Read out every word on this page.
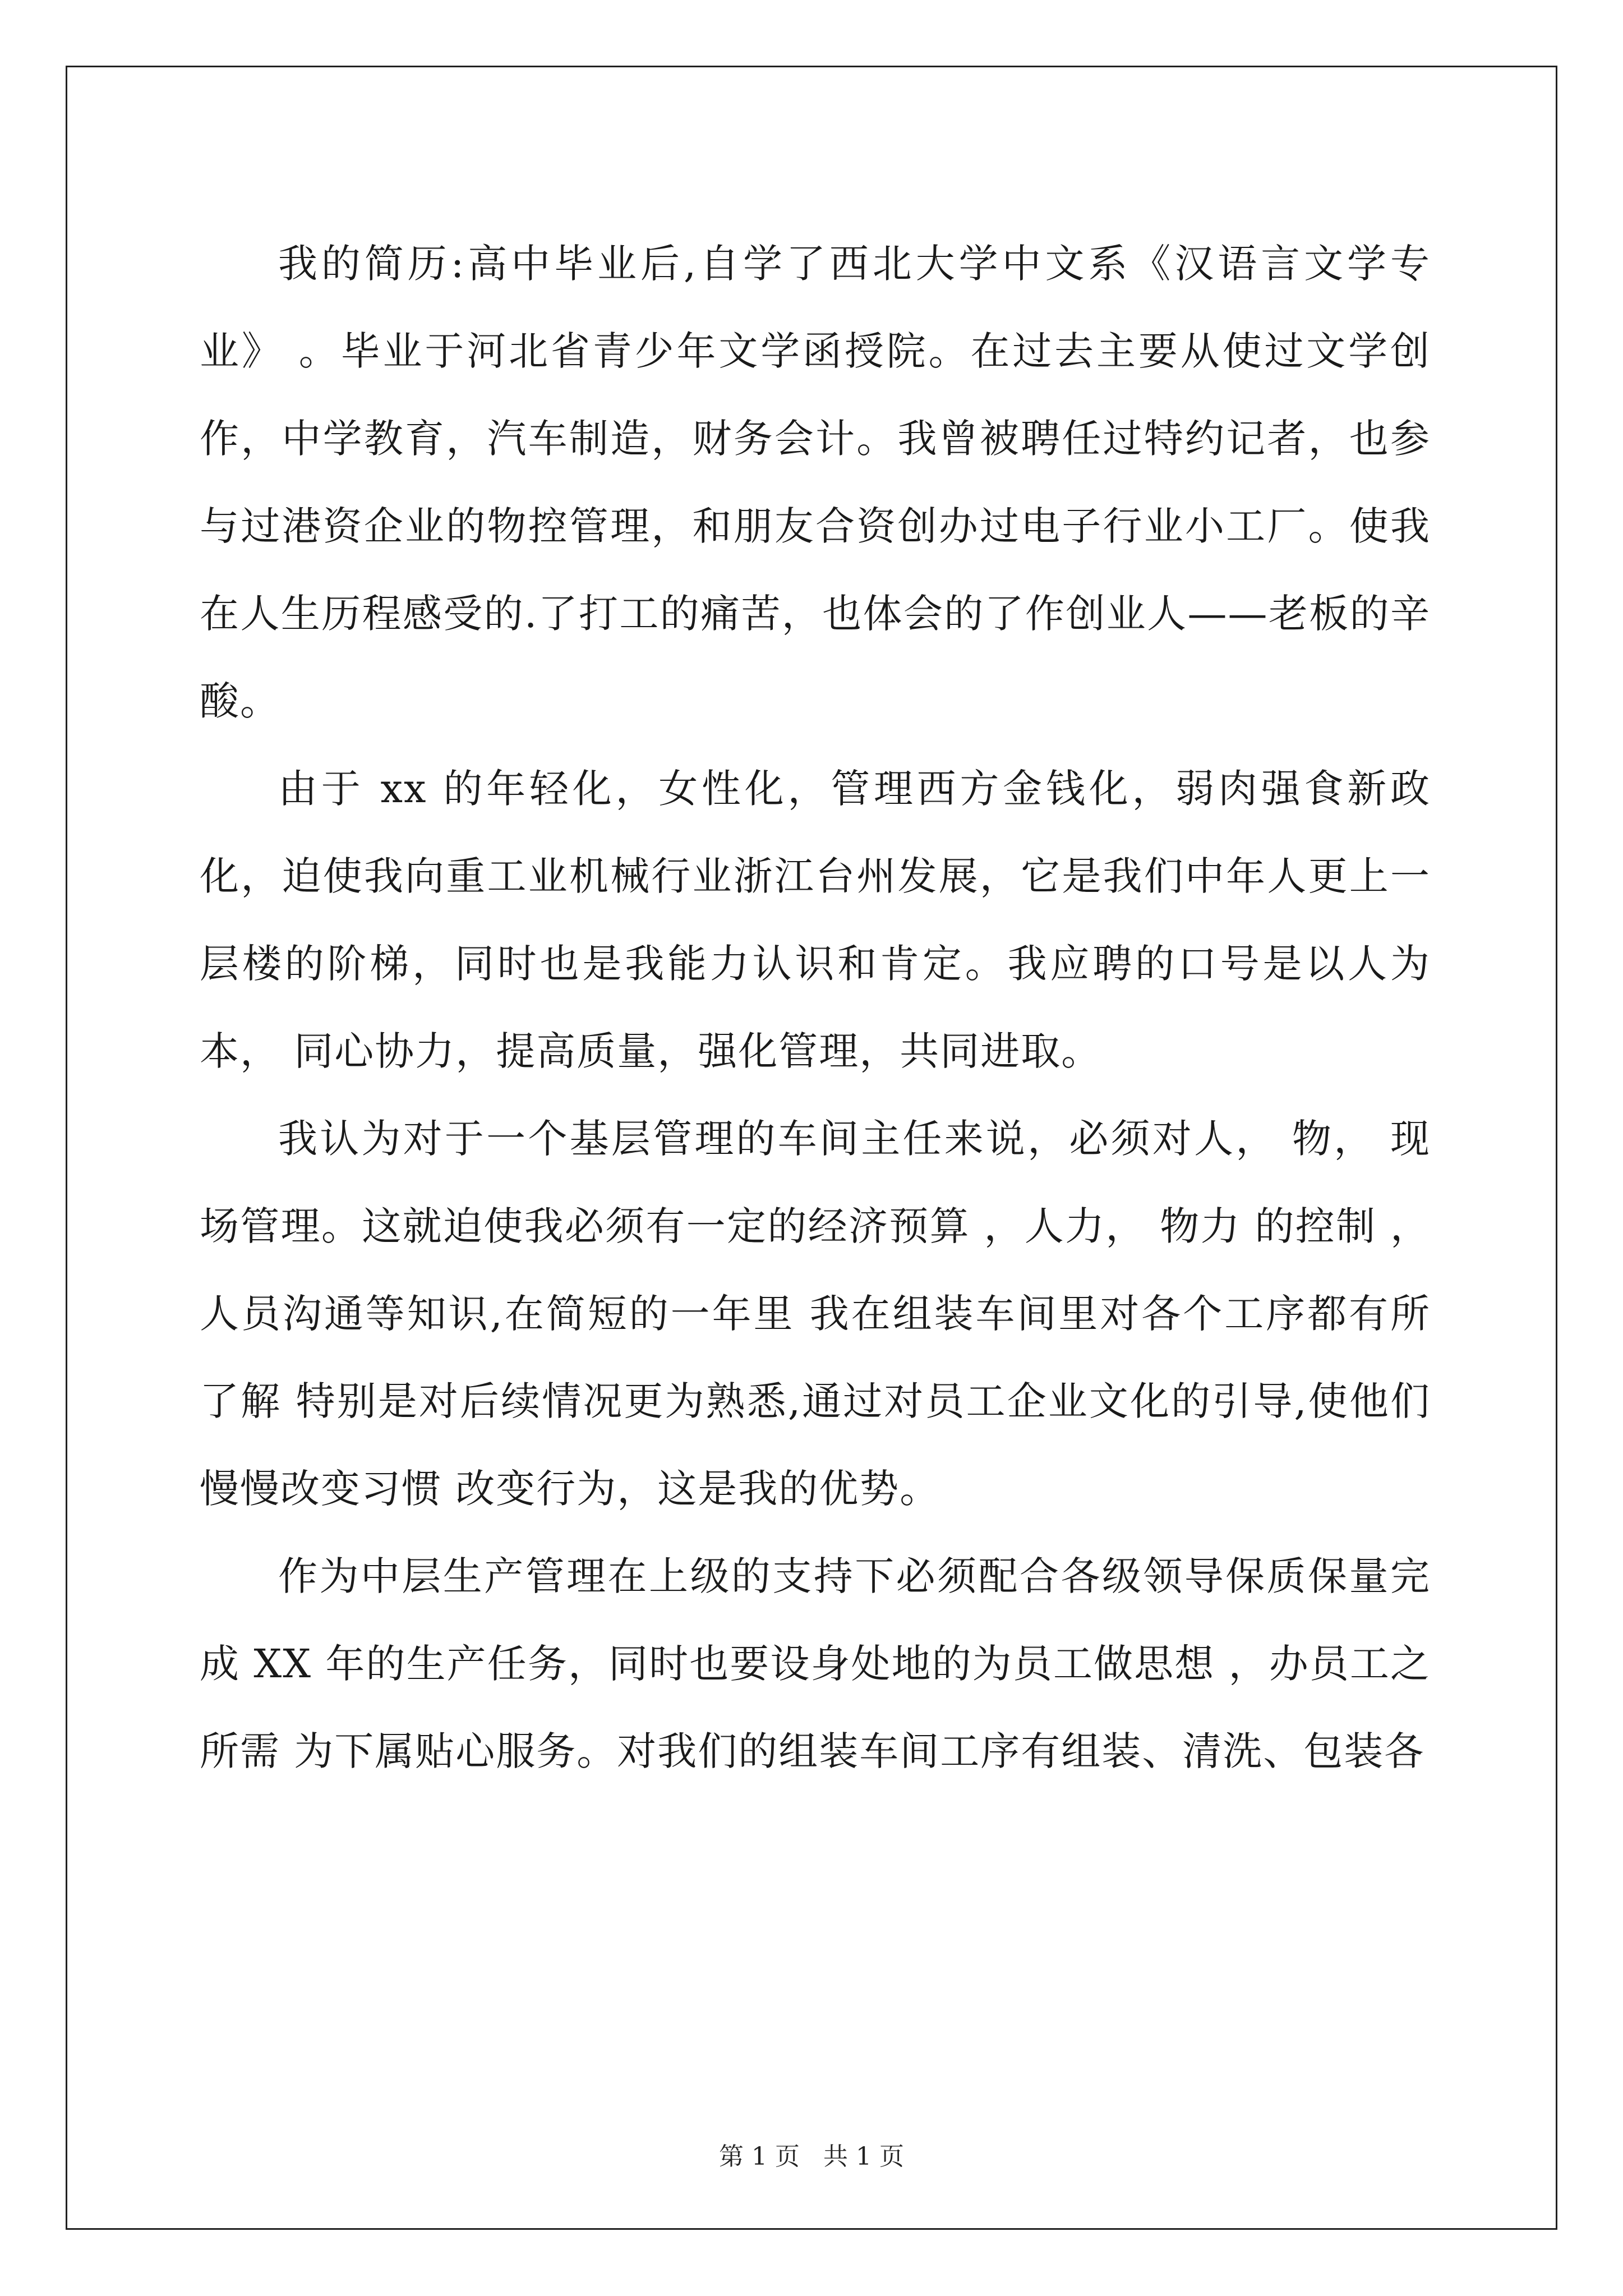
我的简历:高中毕业后,自学了西北大学中文系《汉语言文学专业》 。毕业于河北省青少年文学函授院。在过去主要从使过文学创作，中学教育，汽车制造，财务会计。我曾被聘任过特约记者，也参与过港资企业的物控管理，和朋友合资创办过电子行业小工厂。使我在人生历程感受的.了打工的痛苦，也体会的了作创业人——老板的辛酸。

由于 xx 的年轻化，女性化，管理西方金钱化，弱肉强食新政化，迫使我向重工业机械行业浙江台州发展，它是我们中年人更上一层楼的阶梯，同时也是我能力认识和肯定。我应聘的口号是以人为本， 同心协力，提高质量，强化管理，共同进取。

我认为对于一个基层管理的车间主任来说，必须对人， 物， 现场管理。这就迫使我必须有一定的经济预算 ，人力， 物力 的控制 ，人员沟通等知识,在简短的一年里 我在组装车间里对各个工序都有所了解 特别是对后续情况更为熟悉,通过对员工企业文化的引导,使他们慢慢改变习惯 改变行为，这是我的优势。

作为中层生产管理在上级的支持下必须配合各级领导保质保量完成 XX 年的生产任务，同时也要设身处地的为员工做思想 ，办员工之所需 为下属贴心服务。对我们的组装车间工序有组装、清洗、包装各

第 1 页 共 1 页
